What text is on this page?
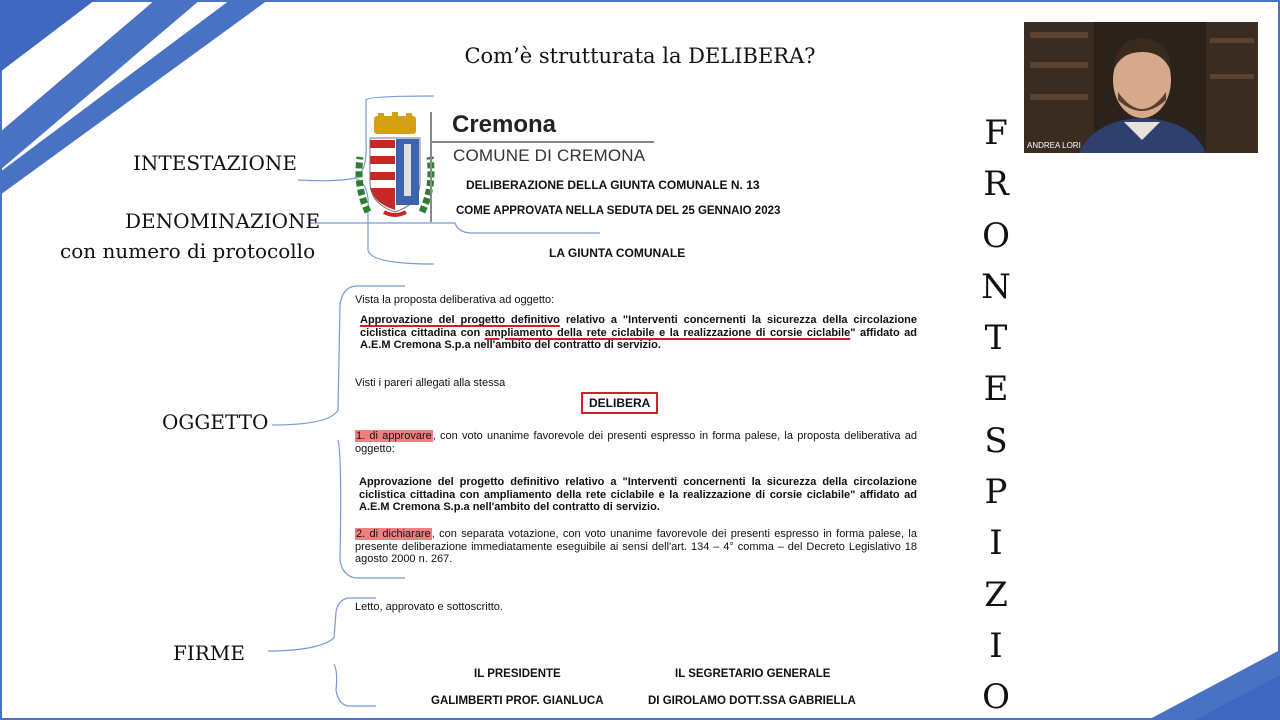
Com’è strutturata la DELIBERA?
INTESTAZIONE
DENOMINAZIONE
con numero di protocollo
OGGETTO
FIRME
F
R
O
N
T
E
S
P
I
Z
I
O
Cremona
COMUNE DI CREMONA
DELIBERAZIONE DELLA GIUNTA COMUNALE N. 13
COME APPROVATA NELLA SEDUTA DEL 25 GENNAIO 2023
LA GIUNTA COMUNALE
Vista la proposta deliberativa ad oggetto:
Approvazione del progetto definitivo relativo a "Interventi concernenti la sicurezza della circolazione ciclistica cittadina con ampliamento della rete ciclabile e la realizzazione di corsie ciclabile" affidato ad A.E.M Cremona S.p.a nell'ambito del contratto di servizio.
Visti i pareri allegati alla stessa
DELIBERA
1. di approvare, con voto unanime favorevole dei presenti espresso in forma palese, la proposta deliberativa ad oggetto:
Approvazione del progetto definitivo relativo a "Interventi concernenti la sicurezza della circolazione ciclistica cittadina con ampliamento della rete ciclabile e la realizzazione di corsie ciclabile" affidato ad A.E.M Cremona S.p.a nell'ambito del contratto di servizio.
2. di dichiarare, con separata votazione, con voto unanime favorevole dei presenti espresso in forma palese, la presente deliberazione immediatamente eseguibile ai sensi dell'art. 134 – 4° comma – del Decreto Legislativo 18 agosto 2000 n. 267.
Letto, approvato e sottoscritto.
IL PRESIDENTE	IL SEGRETARIO GENERALE
GALIMBERTI PROF. GIANLUCA	DI GIROLAMO DOTT.SSA GABRIELLA
ANDREA LORI
